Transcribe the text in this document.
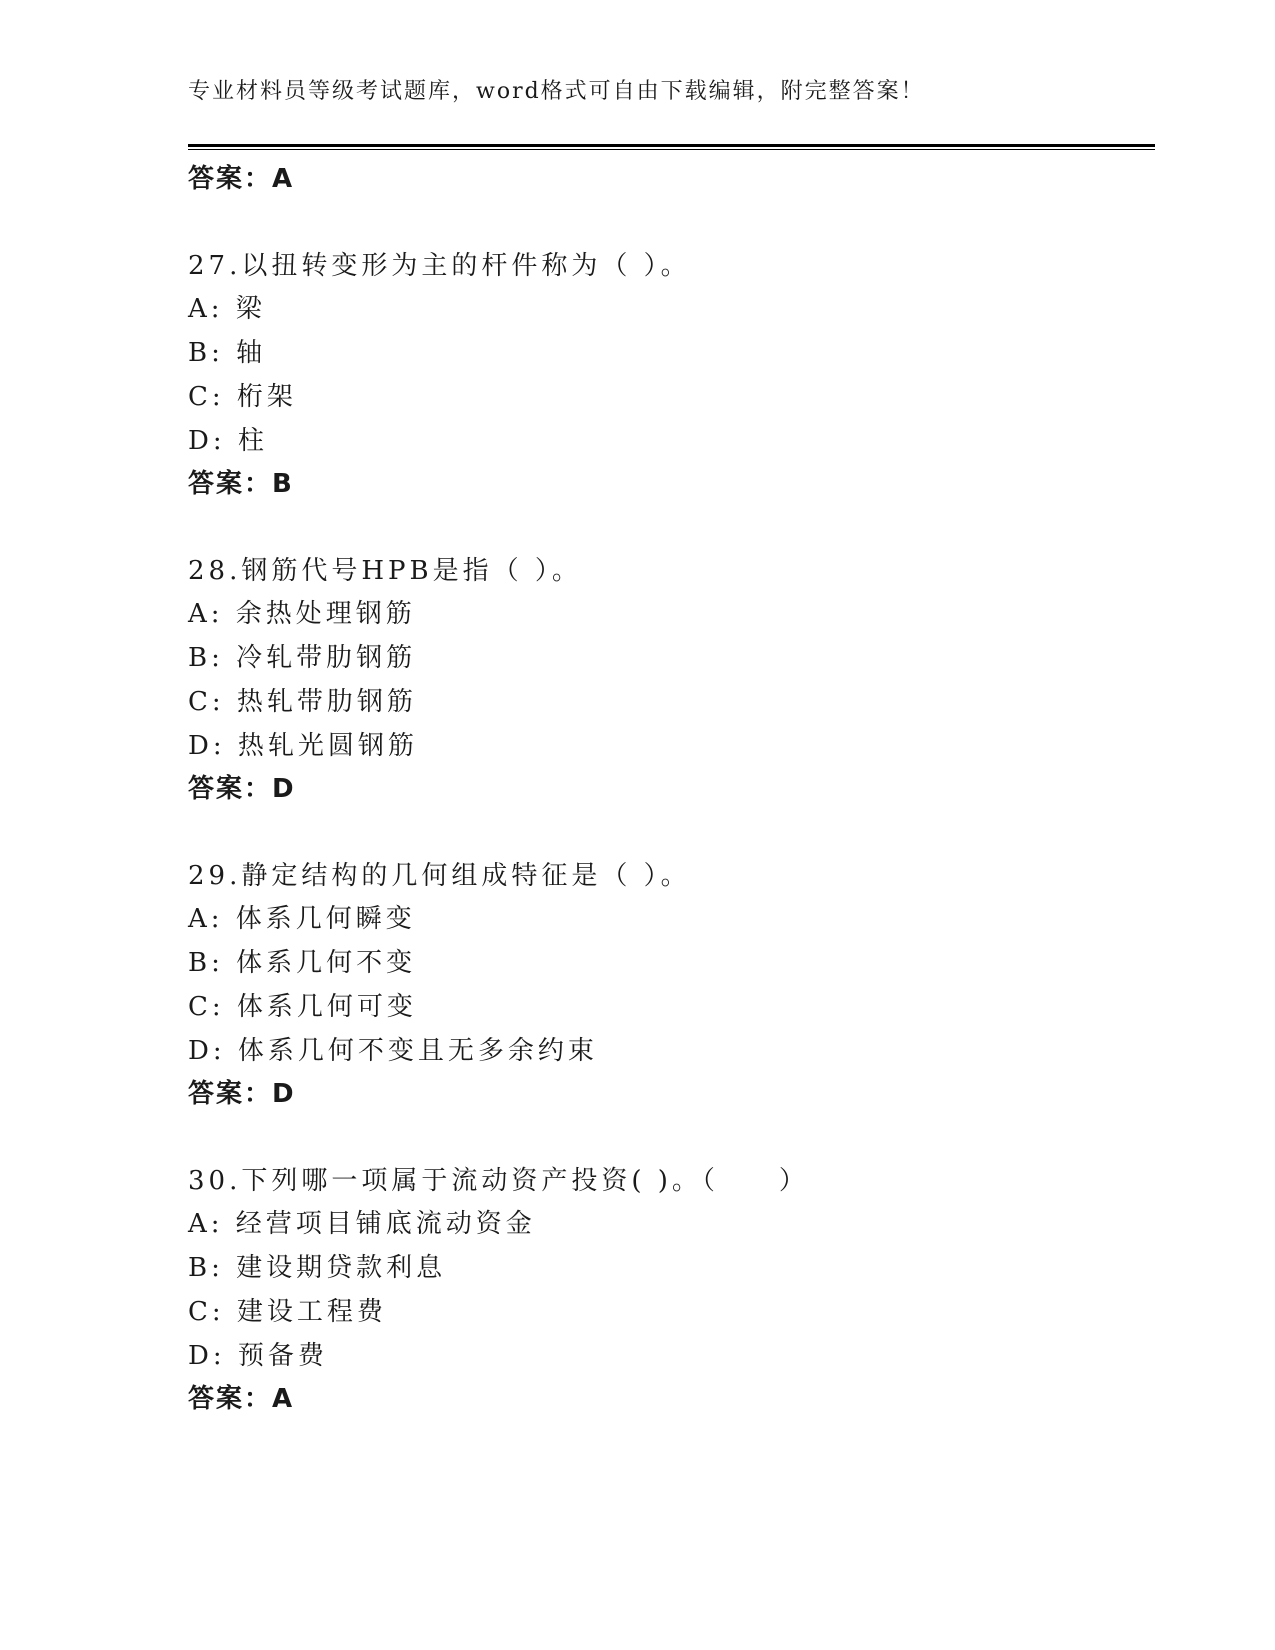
专业材料员等级考试题库，word格式可自由下载编辑，附完整答案！
答案：A
27.以扭转变形为主的杆件称为（ ）。
A: 梁
B: 轴
C: 桁架
D: 柱
答案：B
28.钢筋代号HPB是指（ ）。
A: 余热处理钢筋
B: 冷轧带肋钢筋
C: 热轧带肋钢筋
D: 热轧光圆钢筋
答案：D
29.静定结构的几何组成特征是（ ）。
A: 体系几何瞬变
B: 体系几何不变
C: 体系几何可变
D: 体系几何不变且无多余约束
答案：D
30.下列哪一项属于流动资产投资( )。（　　）
A: 经营项目铺底流动资金
B: 建设期贷款利息
C: 建设工程费
D: 预备费
答案：A
